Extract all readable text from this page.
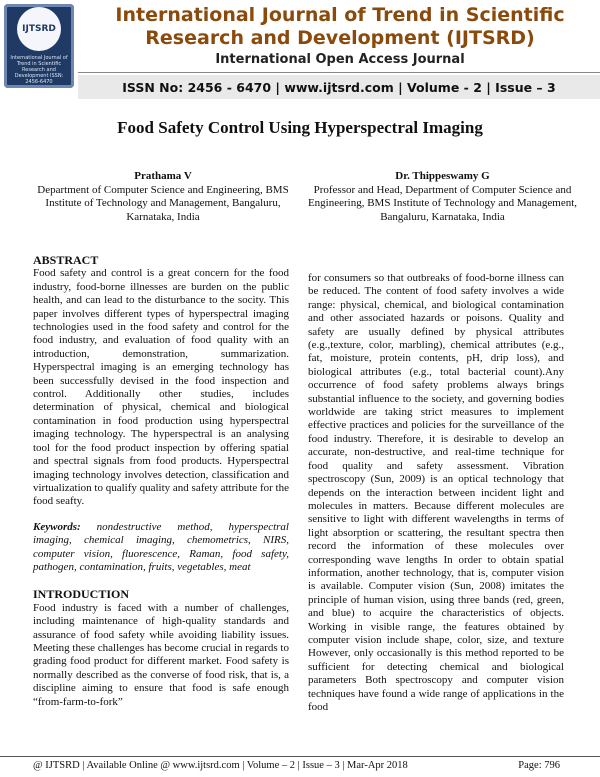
IJTSRD
International Journal of Trend in Scientific Research and Development ISSN: 2456-6470
International Journal of Trend in Scientific
Research and Development (IJTSRD)
International Open Access Journal
ISSN No: 2456 - 6470 | www.ijtsrd.com | Volume - 2 | Issue – 3
Food Safety Control Using Hyperspectral Imaging
Prathama V
Department of Computer Science and Engineering, BMS Institute of Technology and Management, Bangaluru, Karnataka, India
Dr. Thippeswamy G
Professor and Head, Department of Computer Science and Engineering, BMS Institute of Technology and Management, Bangaluru, Karnataka, India

ABSTRACT

Food safety and control is a great concern for the food industry, food-borne illnesses are burden on the public health, and can lead to the disturbance to the socity. This paper involves different types of hyperspectral imaging technologies used in the food safety and control for the food industry, and evaluation of food quality with an introduction, demonstration, summarization. Hyperspectral imaging is an emerging technology has been successfully devised in the food inspection and control. Additionally other studies, includes determination of physical, chemical and biological contamination in food production using hyperspectral imaging technology. The hyperspectral is an analysing tool for the food product inspection by offering spatial and spectral signals from food products. Hyperspectral imaging technology involves detection, classification and virtualization to qualify quality and safety attribute for the food seafty.

Keywords: nondestructive method, hyperspectral imaging, chemical imaging, chemometrics, NIRS, computer vision, fluorescence, Raman, food safety, pathogen, contamination, fruits, vegetables, meat

INTRODUCTION

Food industry is faced with a number of challenges, including maintenance of high-quality standards and assurance of food safety while avoiding liability issues. Meeting these challenges has become crucial in regards to grading food product for different market. Food safety is normally described as the converse of food risk, that is, a discipline aiming to ensure that food is safe enough “from-farm-to-fork”

for consumers so that outbreaks of food-borne illness can be reduced. The content of food safety involves a wide range: physical, chemical, and biological contamination and other associated hazards or poisons. Quality and safety are usually defined by physical attributes (e.g.,texture, color, marbling), chemical attributes (e.g., fat, moisture, protein contents, pH, drip loss), and biological attributes (e.g., total bacterial count).Any occurrence of food safety problems always brings substantial influence to the society, and governing bodies worldwide are taking strict measures to implement effective practices and policies for the surveillance of the food industry. Therefore, it is desirable to develop an accurate, non-destructive, and real-time technique for food quality and safety assessment. Vibration spectroscopy (Sun, 2009) is an optical technology that depends on the interaction between incident light and molecules in matters. Because different molecules are sensitive to light with different wavelengths in terms of light absorption or scattering, the resultant spectra then record the information of these molecules over corresponding wave lengths In order to obtain spatial information, another technology, that is, computer vision is available. Computer vision (Sun, 2008) imitates the principle of human vision, using three bands (red, green, and blue) to acquire the characteristics of objects. Working in visible range, the features obtained by computer vision include shape, color, size, and texture However, only occasionally is this method reported to be sufficient for detecting chemical and biological parameters Both spectroscopy and computer vision techniques have found a wide range of applications in the food

@ IJTSRD | Available Online @ www.ijtsrd.com | Volume – 2 | Issue – 3 | Mar-Apr 2018	Page: 796
